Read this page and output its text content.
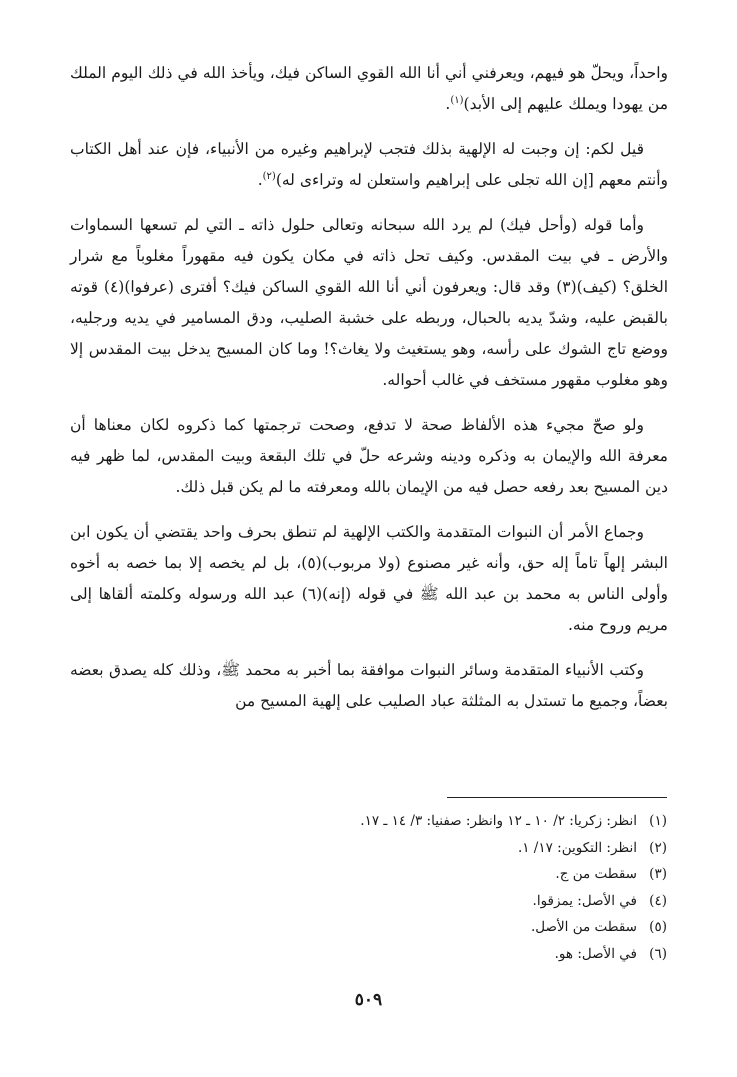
واحداً، ويحلّ هو فيهم، ويعرفني أني أنا الله القوي الساكن فيك، ويأخذ الله في ذلك اليوم الملك من يهودا ويملك عليهم إلى الأبد)$^{(١)}$.

قيل لكم: إن وجبت له الإلهية بذلك فتجب لإبراهيم وغيره من الأنبياء، فإن عند أهل الكتاب وأنتم معهم [إن الله تجلى على إبراهيم واستعلن له وتراءى له)$^{(٢)}$.

وأما قوله (وأحل فيك) لم يرد الله سبحانه وتعالى حلول ذاته ـ التي لم تسعها السماوات والأرض ـ في بيت المقدس. وكيف تحل ذاته في مكان يكون فيه مقهوراً مغلوباً مع شرار الخلق؟ (كيف)(٣) وقد قال: ويعرفون أني أنا الله القوي الساكن فيك؟ أفترى (عرفوا)(٤) قوته بالقبض عليه، وشدّ يديه بالحبال، وربطه على خشبة الصليب، ودق المسامير في يديه ورجليه، ووضع تاج الشوك على رأسه، وهو يستغيث ولا يغاث؟! وما كان المسيح يدخل بيت المقدس إلا وهو مغلوب مقهور مستخف في غالب أحواله.

ولو صحّ مجيء هذه الألفاظ صحة لا تدفع، وصحت ترجمتها كما ذكروه لكان معناها أن معرفة الله والإيمان به وذكره ودينه وشرعه حلّ في تلك البقعة وبيت المقدس، لما ظهر فيه دين المسيح بعد رفعه حصل فيه من الإيمان بالله ومعرفته ما لم يكن قبل ذلك.

وجماع الأمر أن النبوات المتقدمة والكتب الإلهية لم تنطق بحرف واحد يقتضي أن يكون ابن البشر إلهاً تاماً إله حق، وأنه غير مصنوع (ولا مربوب)(٥)، بل لم يخصه إلا بما خصه به أخوه وأولى الناس به محمد بن عبد الله ﷺ في قوله (إنه)(٦) عبد الله ورسوله وكلمته ألقاها إلى مريم وروح منه.

وكتب الأنبياء المتقدمة وسائر النبوات موافقة بما أخبر به محمد ﷺ، وذلك كله يصدق بعضه بعضاً، وجميع ما تستدل به المثلثة عباد الصليب على إلهية المسيح من

(١)
انظر: زكريا: ٢/ ١٠ ـ ١٢ وانظر: صفنيا: ٣/ ١٤ ـ ١٧.
(٢)
انظر: التكوين: ١٧/ ١.
(٣)
سقطت من ج.
(٤)
في الأصل: يمزقوا.
(٥)
سقطت من الأصل.
(٦)
في الأصل: هو.
٥٠٩
